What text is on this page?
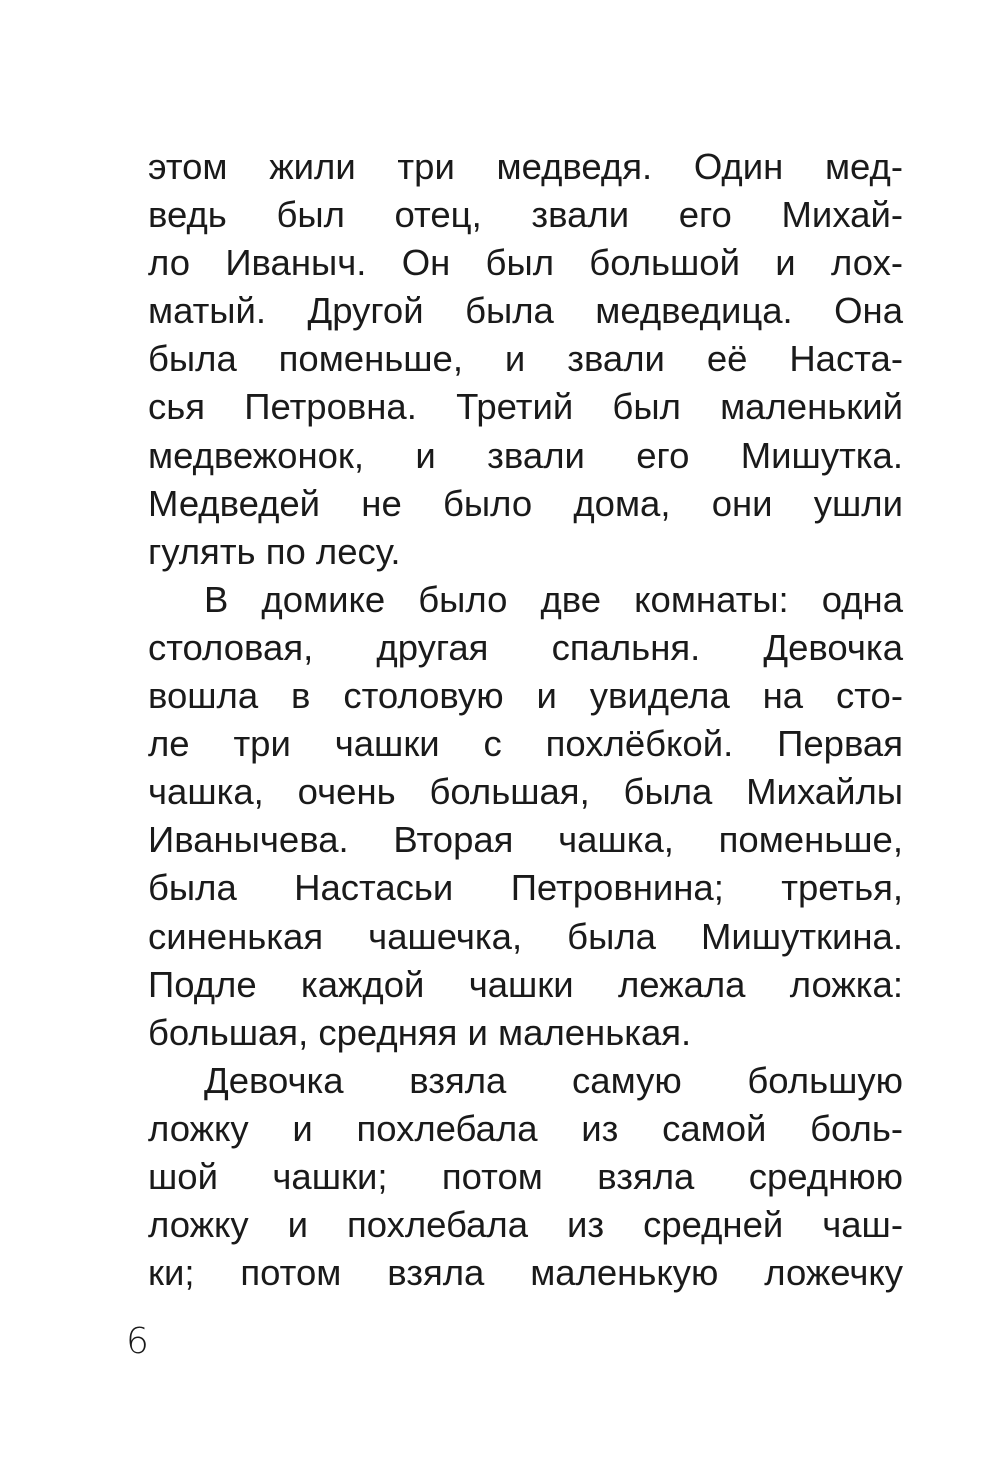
этом жили три медведя. Один мед-
ведь был отец, звали его Михай-
ло Иваныч. Он был большой и лох-
матый. Другой была медведица. Она
была поменьше, и звали её Наста-
сья Петровна. Третий был маленький
медвежонок, и звали его Мишутка.
Медведей не было дома, они ушли
гулять по лесу.
В домике было две комнаты: одна
столовая, другая спальня. Девочка
вошла в столовую и увидела на сто-
ле три чашки с похлёбкой. Первая
чашка, очень большая, была Михайлы
Иванычева. Вторая чашка, поменьше,
была Настасьи Петровнина; третья,
синенькая чашечка, была Мишуткина.
Подле каждой чашки лежала ложка:
большая, средняя и маленькая.
Девочка взяла самую большую
ложку и похлебала из самой боль-
шой чашки; потом взяла среднюю
ложку и похлебала из средней чаш-
ки; потом взяла маленькую ложечку
6
